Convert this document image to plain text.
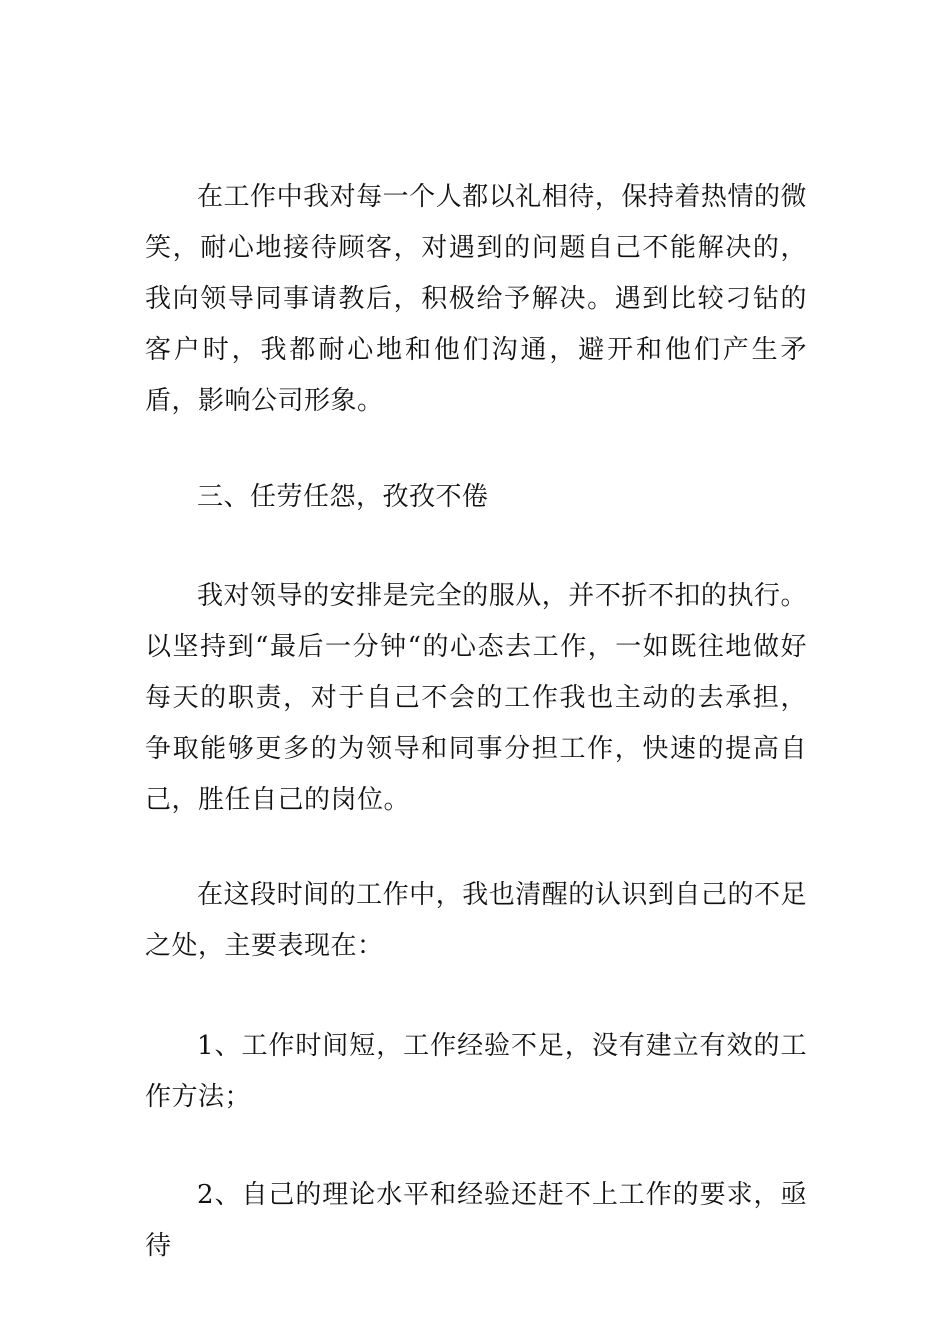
在工作中我对每一个人都以礼相待，保持着热情的微笑，耐心地接待顾客，对遇到的问题自己不能解决的，我向领导同事请教后，积极给予解决。遇到比较刁钻的客户时，我都耐心地和他们沟通，避开和他们产生矛盾，影响公司形象。

三、任劳任怨，孜孜不倦

我对领导的安排是完全的服从，并不折不扣的执行。以坚持到“最后一分钟“的心态去工作，一如既往地做好每天的职责，对于自己不会的工作我也主动的去承担，争取能够更多的为领导和同事分担工作，快速的提高自己，胜任自己的岗位。

在这段时间的工作中，我也清醒的认识到自己的不足之处，主要表现在：

1、工作时间短，工作经验不足，没有建立有效的工作方法；

2、自己的理论水平和经验还赶不上工作的要求，亟待
